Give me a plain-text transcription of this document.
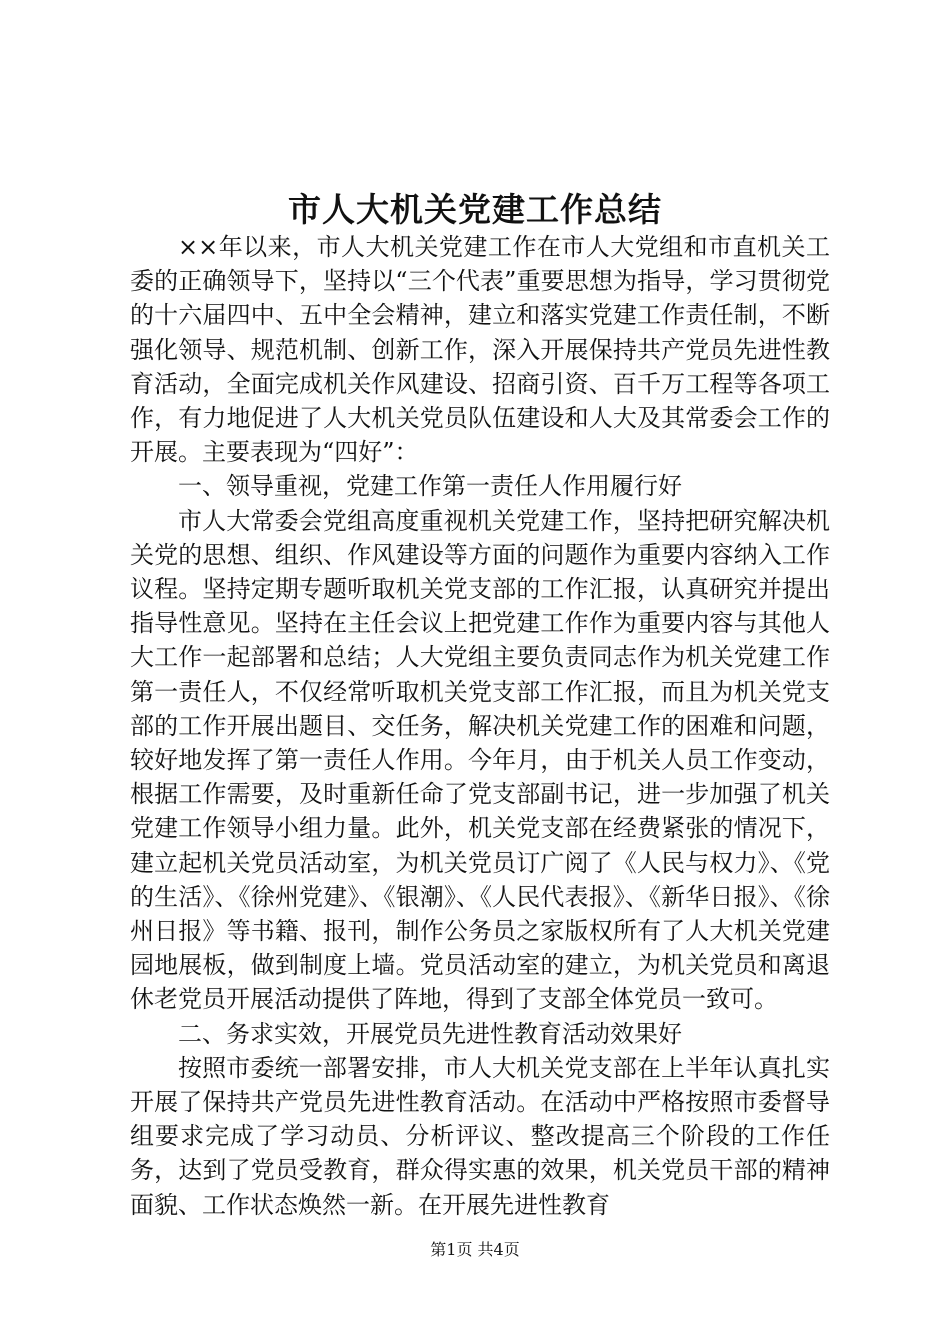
市人大机关党建工作总结

××年以来，市人大机关党建工作在市人大党组和市直机关工委的正确领导下，坚持以“三个代表”重要思想为指导，学习贯彻党的十六届四中、五中全会精神，建立和落实党建工作责任制，不断强化领导、规范机制、创新工作，深入开展保持共产党员先进性教育活动，全面完成机关作风建设、招商引资、百千万工程等各项工作，有力地促进了人大机关党员队伍建设和人大及其常委会工作的开展。主要表现为“四好”：

一、领导重视，党建工作第一责任人作用履行好

市人大常委会党组高度重视机关党建工作，坚持把研究解决机关党的思想、组织、作风建设等方面的问题作为重要内容纳入工作议程。坚持定期专题听取机关党支部的工作汇报，认真研究并提出指导性意见。坚持在主任会议上把党建工作作为重要内容与其他人大工作一起部署和总结；人大党组主要负责同志作为机关党建工作第一责任人，不仅经常听取机关党支部工作汇报，而且为机关党支部的工作开展出题目、交任务，解决机关党建工作的困难和问题，较好地发挥了第一责任人作用。今年月，由于机关人员工作变动，根据工作需要，及时重新任命了党支部副书记，进一步加强了机关党建工作领导小组力量。此外，机关党支部在经费紧张的情况下，建立起机关党员活动室，为机关党员订广阅了《人民与权力》、《党的生活》、《徐州党建》、《银潮》、《人民代表报》、《新华日报》、《徐州日报》等书籍、报刊，制作公务员之家版权所有了人大机关党建园地展板，做到制度上墙。党员活动室的建立，为机关党员和离退休老党员开展活动提供了阵地，得到了支部全体党员一致可。

二、务求实效，开展党员先进性教育活动效果好

按照市委统一部署安排，市人大机关党支部在上半年认真扎实开展了保持共产党员先进性教育活动。在活动中严格按照市委督导组要求完成了学习动员、分析评议、整改提高三个阶段的工作任务，达到了党员受教育，群众得实惠的效果，机关党员干部的精神面貌、工作状态焕然一新。在开展先进性教育

第1页 共4页
